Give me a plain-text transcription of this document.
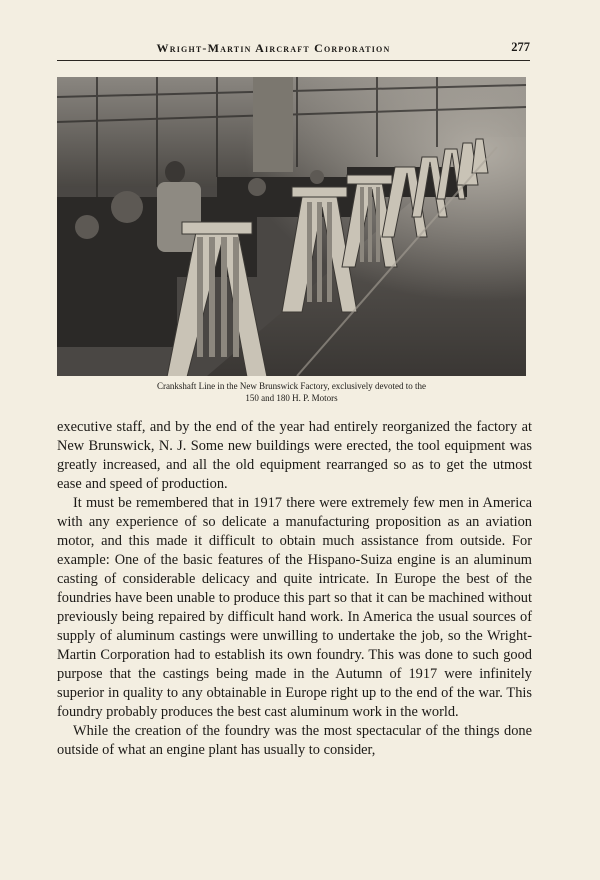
Wright-Martin Aircraft Corporation	277
Crankshaft Line in the New Brunswick Factory, exclusively devoted to the
150 and 180 H. P. Motors

executive staff, and by the end of the year had entirely reorganized the factory at New Brunswick, N. J. Some new buildings were erected, the tool equipment was greatly increased, and all the old equipment rearranged so as to get the utmost ease and speed of production.

It must be remembered that in 1917 there were extremely few men in America with any experience of so delicate a manufacturing proposition as an aviation motor, and this made it difficult to obtain much assistance from outside. For example: One of the basic features of the Hispano-Suiza engine is an aluminum casting of considerable delicacy and quite intricate. In Europe the best of the foundries have been unable to produce this part so that it can be machined without previously being repaired by difficult hand work. In America the usual sources of supply of aluminum castings were unwilling to undertake the job, so the Wright-Martin Corporation had to establish its own foundry. This was done to such good purpose that the castings being made in the Autumn of 1917 were infinitely superior in quality to any obtainable in Europe right up to the end of the war. This foundry probably produces the best cast aluminum work in the world.

While the creation of the foundry was the most spectacular of the things done outside of what an engine plant has usually to consider,
